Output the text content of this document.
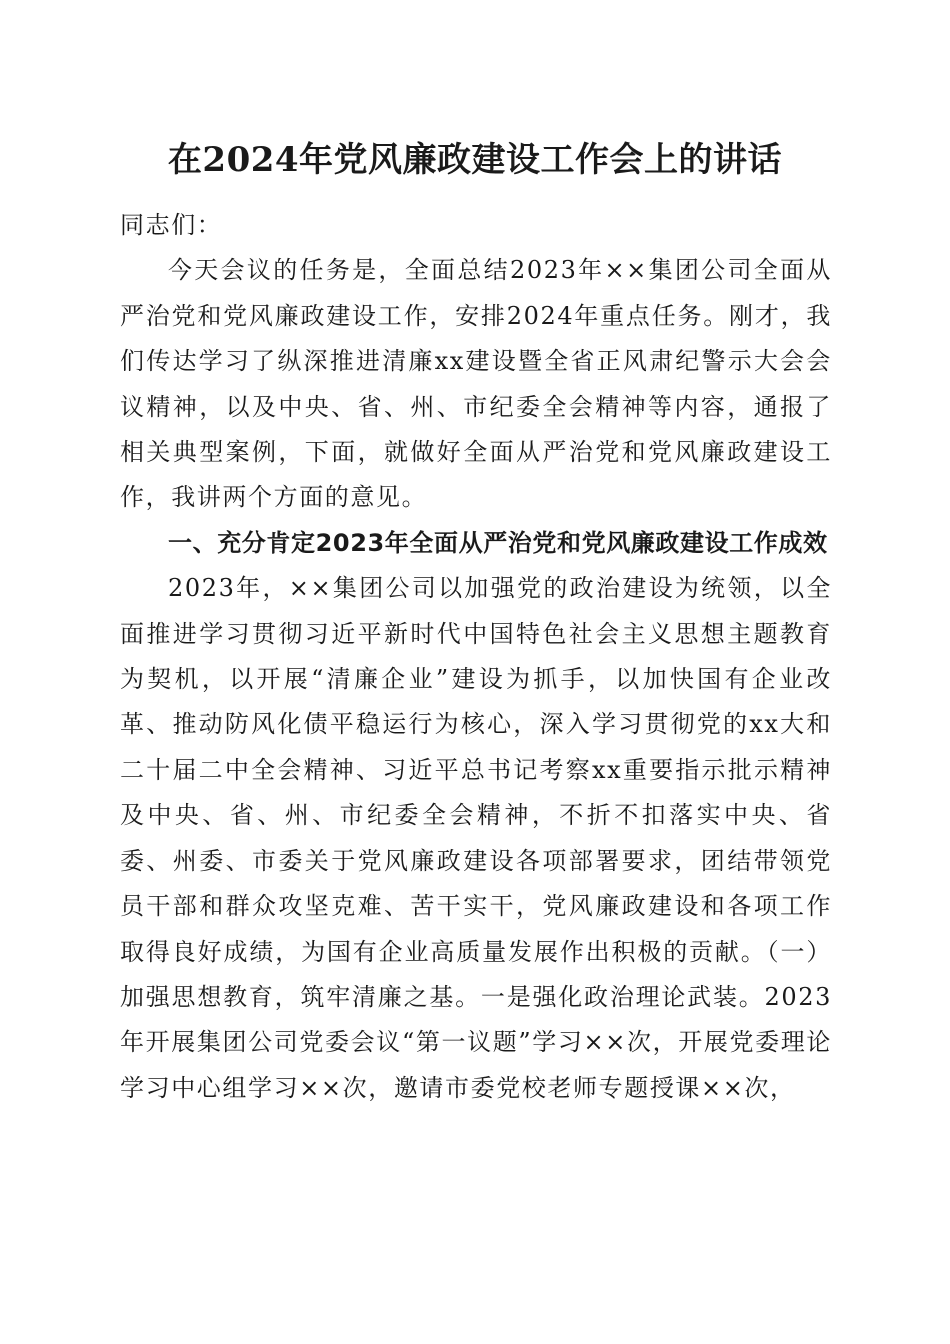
在2024年党风廉政建设工作会上的讲话

同志们：

今天会议的任务是，全面总结2023年××集团公司全面从严治党和党风廉政建设工作，安排2024年重点任务。刚才，我们传达学习了纵深推进清廉xx建设暨全省正风肃纪警示大会会议精神，以及中央、省、州、市纪委全会精神等内容，通报了相关典型案例，下面，就做好全面从严治党和党风廉政建设工作，我讲两个方面的意见。

一、充分肯定2023年全面从严治党和党风廉政建设工作成效

2023年，××集团公司以加强党的政治建设为统领，以全面推进学习贯彻习近平新时代中国特色社会主义思想主题教育为契机，以开展“清廉企业”建设为抓手，以加快国有企业改革、推动防风化债平稳运行为核心，深入学习贯彻党的xx大和二十届二中全会精神、习近平总书记考察xx重要指示批示精神及中央、省、州、市纪委全会精神，不折不扣落实中央、省委、州委、市委关于党风廉政建设各项部署要求，团结带领党员干部和群众攻坚克难、苦干实干，党风廉政建设和各项工作取得良好成绩，为国有企业高质量发展作出积极的贡献。（一）加强思想教育，筑牢清廉之基。一是强化政治理论武装。2023年开展集团公司党委会议“第一议题”学习××次，开展党委理论学习中心组学习××次，邀请市委党校老师专题授课××次，
